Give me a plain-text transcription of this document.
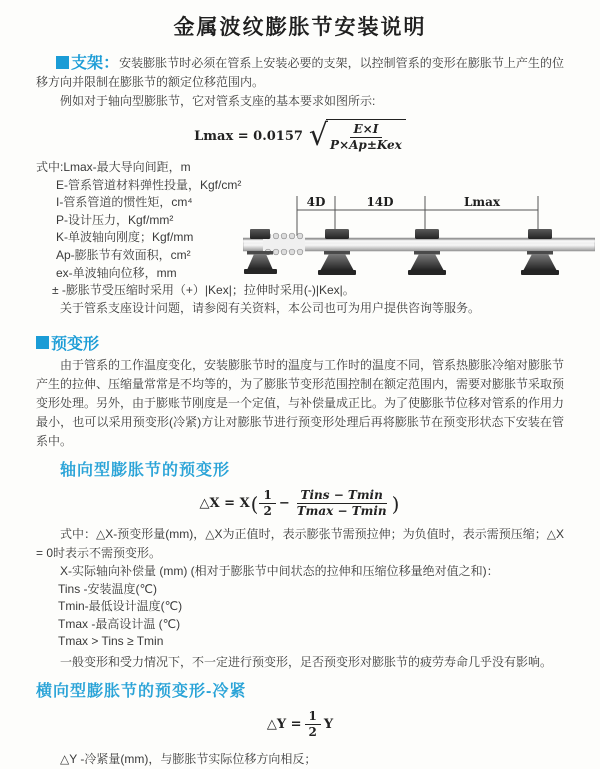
金属波纹膨胀节安装说明

支架：安装膨胀节时必须在管系上安装必要的支架，以控制管系的变形在膨胀节上产生的位移方向并限制在膨胀节的额定位移范围内。

例如对于轴向型膨胀节，它对管系支座的基本要求如图所示:

Lmax = 0.0157 √
$\frac{E\times I}{\text{P×Ap±Kex}}$
式中:Lmax-最大导向间距，m
E-管系管道材料弹性投量，Kgf/cm²
I-管系管道的惯性矩，cm⁴
P-设计压力，Kgf/mm²
K-单波轴向刚度；Kgf/mm
Ap-膨胀节有效面积，cm²
ex-单波轴向位移，mm
± -膨胀节受压缩时采用（+）|Kex|；拉伸时采用(-)|Kex|。
关于管系支座设计问题，请参阅有关资料，本公司也可为用户提供咨询等服务。
预变形

由于管系的工作温度变化，安装膨胀节时的温度与工作时的温度不同，管系热膨胀冷缩对膨胀节产生的拉伸、压缩量常常是不均等的，为了膨胀节变形范围控制在额定范围内，需要对膨胀节采取预变形处理。另外，由于膨账节刚度是一个定值，与补偿量成正比。为了使膨胀节位移对管系的作用力最小，也可以采用预变形(冷紧)方让对膨胀节进行预变形处理后再将膨胀节在预变形状态下安装在管系中。

轴向型膨胀节的预变形
△X = X ( $\frac{1}{2} - \frac{\text{Tins − Tmin}}{Tmax - Tmin}$ )

式中：△X-预变形量(mm)，△X为正值时，表示膨张节需预拉伸；为负值时，表示需预压缩；△X = 0时表示不需预变形。

X-实际轴向补偿量 (mm) (相对于膨胀节中间状态的拉伸和压缩位移量绝对值之和)：
Tins -安装温度(℃)
Tmin-最低设计温度(℃)
Tmax -最高设计温 (℃)
Tmax > Tins ≥ Tmin

一般变形和受力情况下，不一定进行预变形，足否预变形对膨胀节的疲劳寿命几乎没有影响。

横向型膨胀节的预变形-冷紧
△Y = $\frac{1}{2}$ Y

△Y -冷紧量(mm)，与膨胀节实际位移方向相反；

4D	14D	Lmax
